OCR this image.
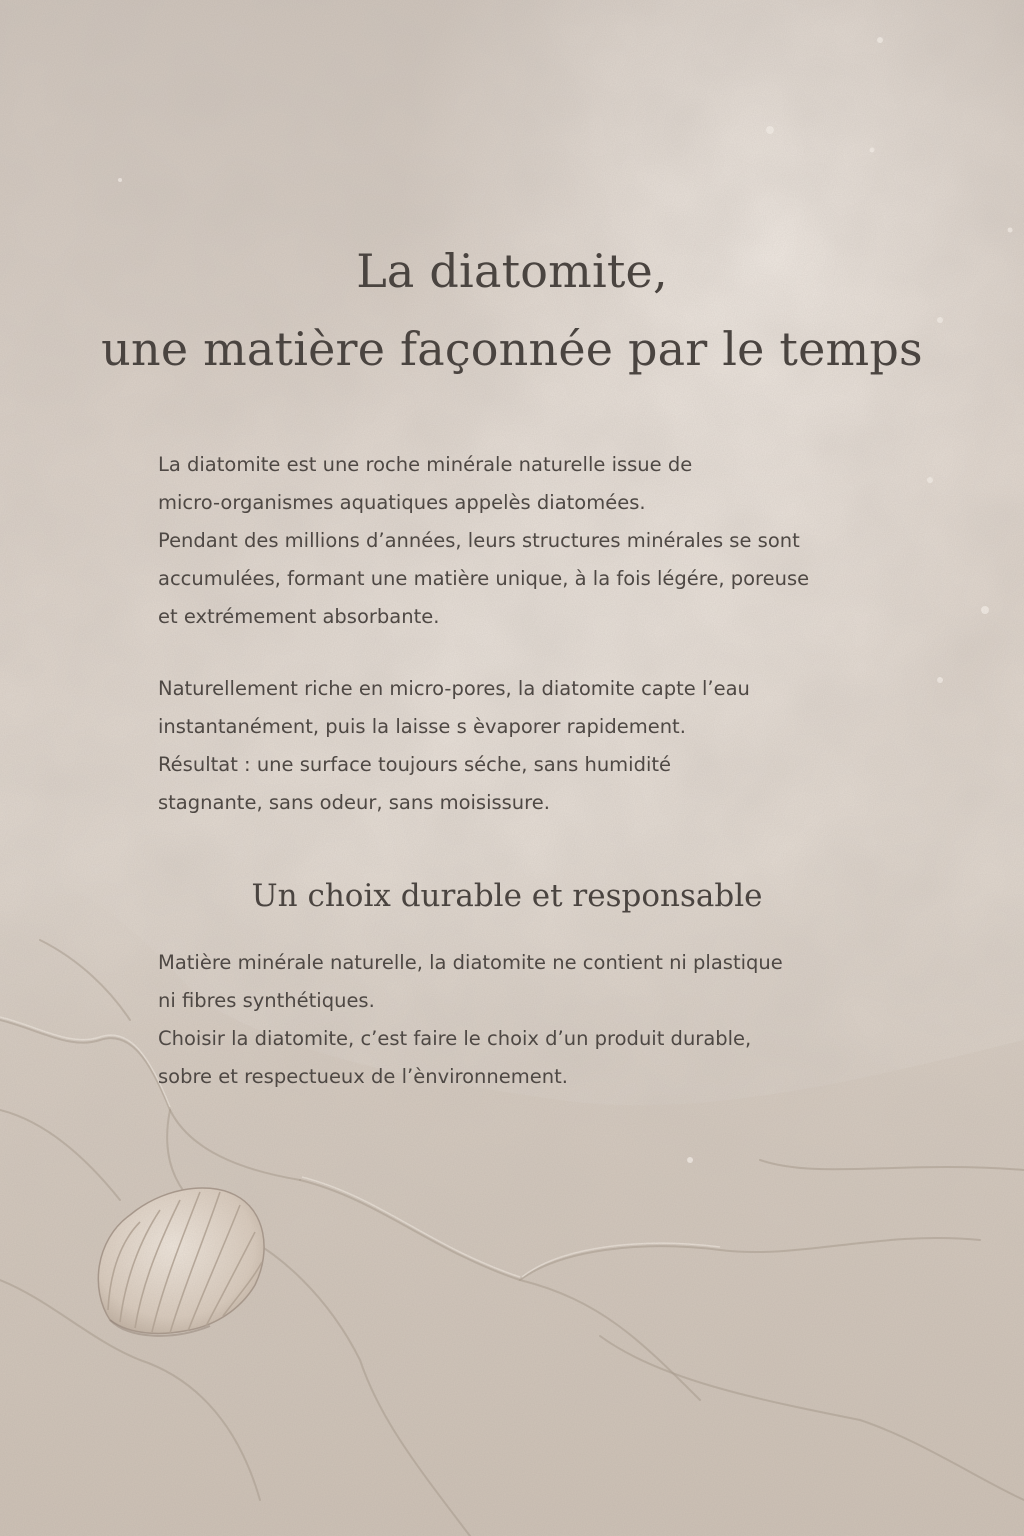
La diatomite,
une matière façonnée par le temps

La diatomite est une roche minérale naturelle issue de
micro-organismes aquatiques appelès diatomées.
Pendant des millions d’années, leurs structures minérales se sont
accumulées, formant une matière unique, à la fois légére, poreuse
et extrémement absorbante.

Naturellement riche en micro-pores, la diatomite capte l’eau
instantanément, puis la laisse s èvaporer rapidement.
Résultat : une surface toujours séche, sans humidité
stagnante, sans odeur, sans moisissure.

Un choix durable et responsable

Matière minérale naturelle, la diatomite ne contient ni plastique
ni fibres synthétiques.
Choisir la diatomite, c’est faire le choix d’un produit durable,
sobre et respectueux de l’ènvironnement.
